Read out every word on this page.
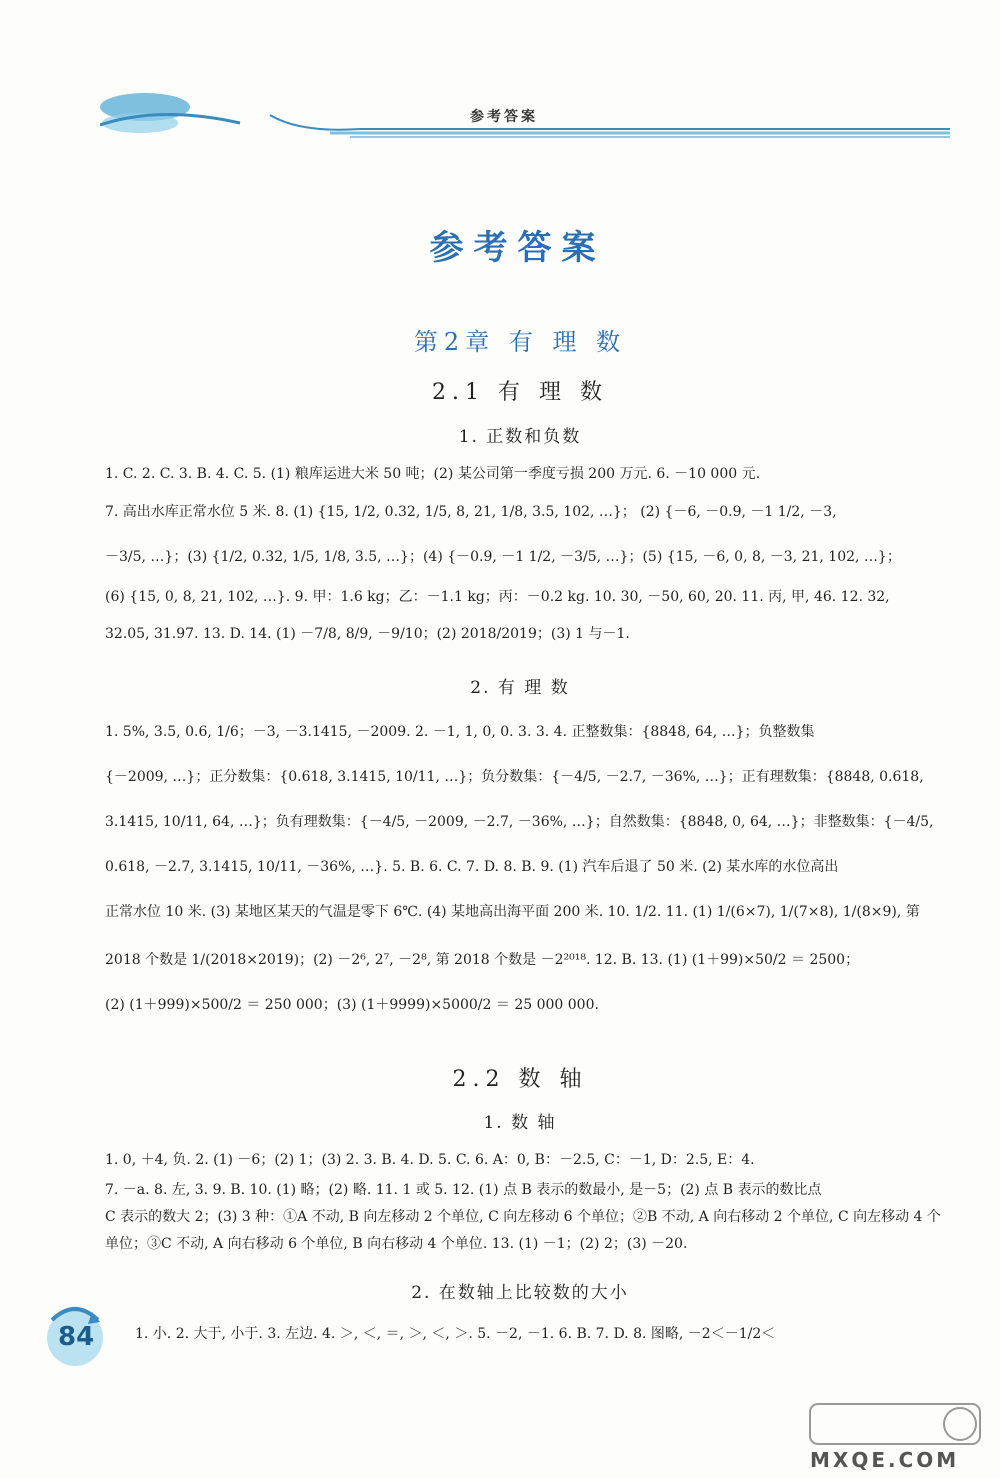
参考答案
参考答案
第2章 有 理 数
2.1 有 理 数
1. 正数和负数
1. C. 2. C. 3. B. 4. C. 5. (1) 粮库运进大米 50 吨；(2) 某公司第一季度亏损 200 万元. 6. －10 000 元.
7. 高出水库正常水位 5 米. 8. (1) {15, 1/2, 0.32, 1/5, 8, 21, 1/8, 3.5, 102, …}； (2) {－6, －0.9, －1 1/2, －3,
－3/5, …}；(3) {1/2, 0.32, 1/5, 1/8, 3.5, …}；(4) {－0.9, －1 1/2, －3/5, …}；(5) {15, －6, 0, 8, －3, 21, 102, …}；
(6) {15, 0, 8, 21, 102, …}. 9. 甲：1.6 kg；乙：－1.1 kg；丙：－0.2 kg. 10. 30, －50, 60, 20. 11. 丙, 甲, 46. 12. 32,
32.05, 31.97. 13. D. 14. (1) －7/8, 8/9, －9/10；(2) 2018/2019；(3) 1 与－1.
2. 有 理 数
1. 5%, 3.5, 0.6, 1/6；－3, －3.1415, －2009. 2. －1, 1, 0, 0. 3. 3. 4. 正整数集：{8848, 64, …}；负整数集
{－2009, …}；正分数集：{0.618, 3.1415, 10/11, …}；负分数集：{－4/5, －2.7, －36%, …}；正有理数集：{8848, 0.618,
3.1415, 10/11, 64, …}；负有理数集：{－4/5, －2009, －2.7, －36%, …}；自然数集：{8848, 0, 64, …}；非整数集：{－4/5,
0.618, －2.7, 3.1415, 10/11, －36%, …}. 5. B. 6. C. 7. D. 8. B. 9. (1) 汽车后退了 50 米. (2) 某水库的水位高出
正常水位 10 米. (3) 某地区某天的气温是零下 6℃. (4) 某地高出海平面 200 米. 10. 1/2. 11. (1) 1/(6×7), 1/(7×8), 1/(8×9), 第
2018 个数是 1/(2018×2019)；(2) －2⁶, 2⁷, －2⁸, 第 2018 个数是 －2²⁰¹⁸. 12. B. 13. (1) (1＋99)×50/2 ＝ 2500；
(2) (1＋999)×500/2 ＝ 250 000；(3) (1＋9999)×5000/2 ＝ 25 000 000.
2.2 数 轴
1. 数 轴
1. 0, ＋4, 负. 2. (1) －6；(2) 1；(3) 2. 3. B. 4. D. 5. C. 6. A：0, B：－2.5, C：－1, D：2.5, E：4.
7. －a. 8. 左, 3. 9. B. 10. (1) 略；(2) 略. 11. 1 或 5. 12. (1) 点 B 表示的数最小, 是－5；(2) 点 B 表示的数比点
C 表示的数大 2；(3) 3 种：①A 不动, B 向左移动 2 个单位, C 向左移动 6 个单位；②B 不动, A 向右移动 2 个单位, C 向左移动 4 个
单位；③C 不动, A 向右移动 6 个单位, B 向右移动 4 个单位. 13. (1) －1；(2) 2；(3) －20.
2. 在数轴上比较数的大小
1. 小. 2. 大于, 小于. 3. 左边. 4. ＞, ＜, ＝, ＞, ＜, ＞. 5. －2, －1. 6. B. 7. D. 8. 图略, －2＜－1/2＜
84
MXQE.COM
